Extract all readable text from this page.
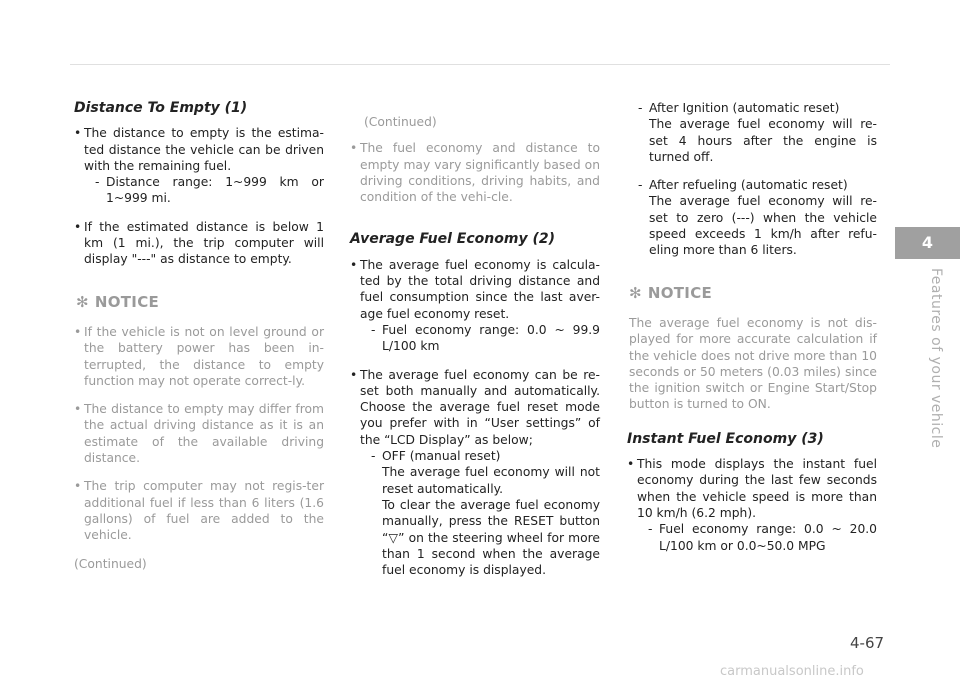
Distance To Empty (1)
• The distance to empty is the estima-ted distance the vehicle can be driven with the remaining fuel.
- Distance range: 1~999 km or 1~999 mi.
• If the estimated distance is below 1 km (1 mi.), the trip computer will display "---" as distance to empty.
✻ NOTICE
• If the vehicle is not on level ground or the battery power has been in-terrupted, the distance to empty function may not operate correct-ly.
• The distance to empty may differ from the actual driving distance as it is an estimate of the available driving distance.
• The trip computer may not regis-ter additional fuel if less than 6 liters (1.6 gallons) of fuel are added to the vehicle.
(Continued)
(Continued)
• The fuel economy and distance to empty may vary significantly based on driving conditions, driving habits, and condition of the vehi-cle.
Average Fuel Economy (2)
• The average fuel economy is calcula-ted by the total driving distance and fuel consumption since the last aver-age fuel economy reset.
- Fuel economy range: 0.0 ~ 99.9 L/100 km
• The average fuel economy can be re-set both manually and automatically. Choose the average fuel reset mode you prefer with in “User settings” of the “LCD Display” as below;
- OFF (manual reset)
The average fuel economy will not reset automatically.
To clear the average fuel economy manually, press the RESET button “▽” on the steering wheel for more than 1 second when the average fuel economy is displayed.
- After Ignition (automatic reset)
The average fuel economy will re-set 4 hours after the engine is turned off.
- After refueling (automatic reset)
The average fuel economy will re-set to zero (---) when the vehicle speed exceeds 1 km/h after refu-eling more than 6 liters.
✻ NOTICE
The average fuel economy is not dis-played for more accurate calculation if the vehicle does not drive more than 10 seconds or 50 meters (0.03 miles) since the ignition switch or Engine Start/Stop button is turned to ON.
Instant Fuel Economy (3)
• This mode displays the instant fuel economy during the last few seconds when the vehicle speed is more than 10 km/h (6.2 mph).
- Fuel economy range: 0.0 ~ 20.0 L/100 km or 0.0~50.0 MPG
4
Features of your vehicle
4-67
carmanualsonline.info
